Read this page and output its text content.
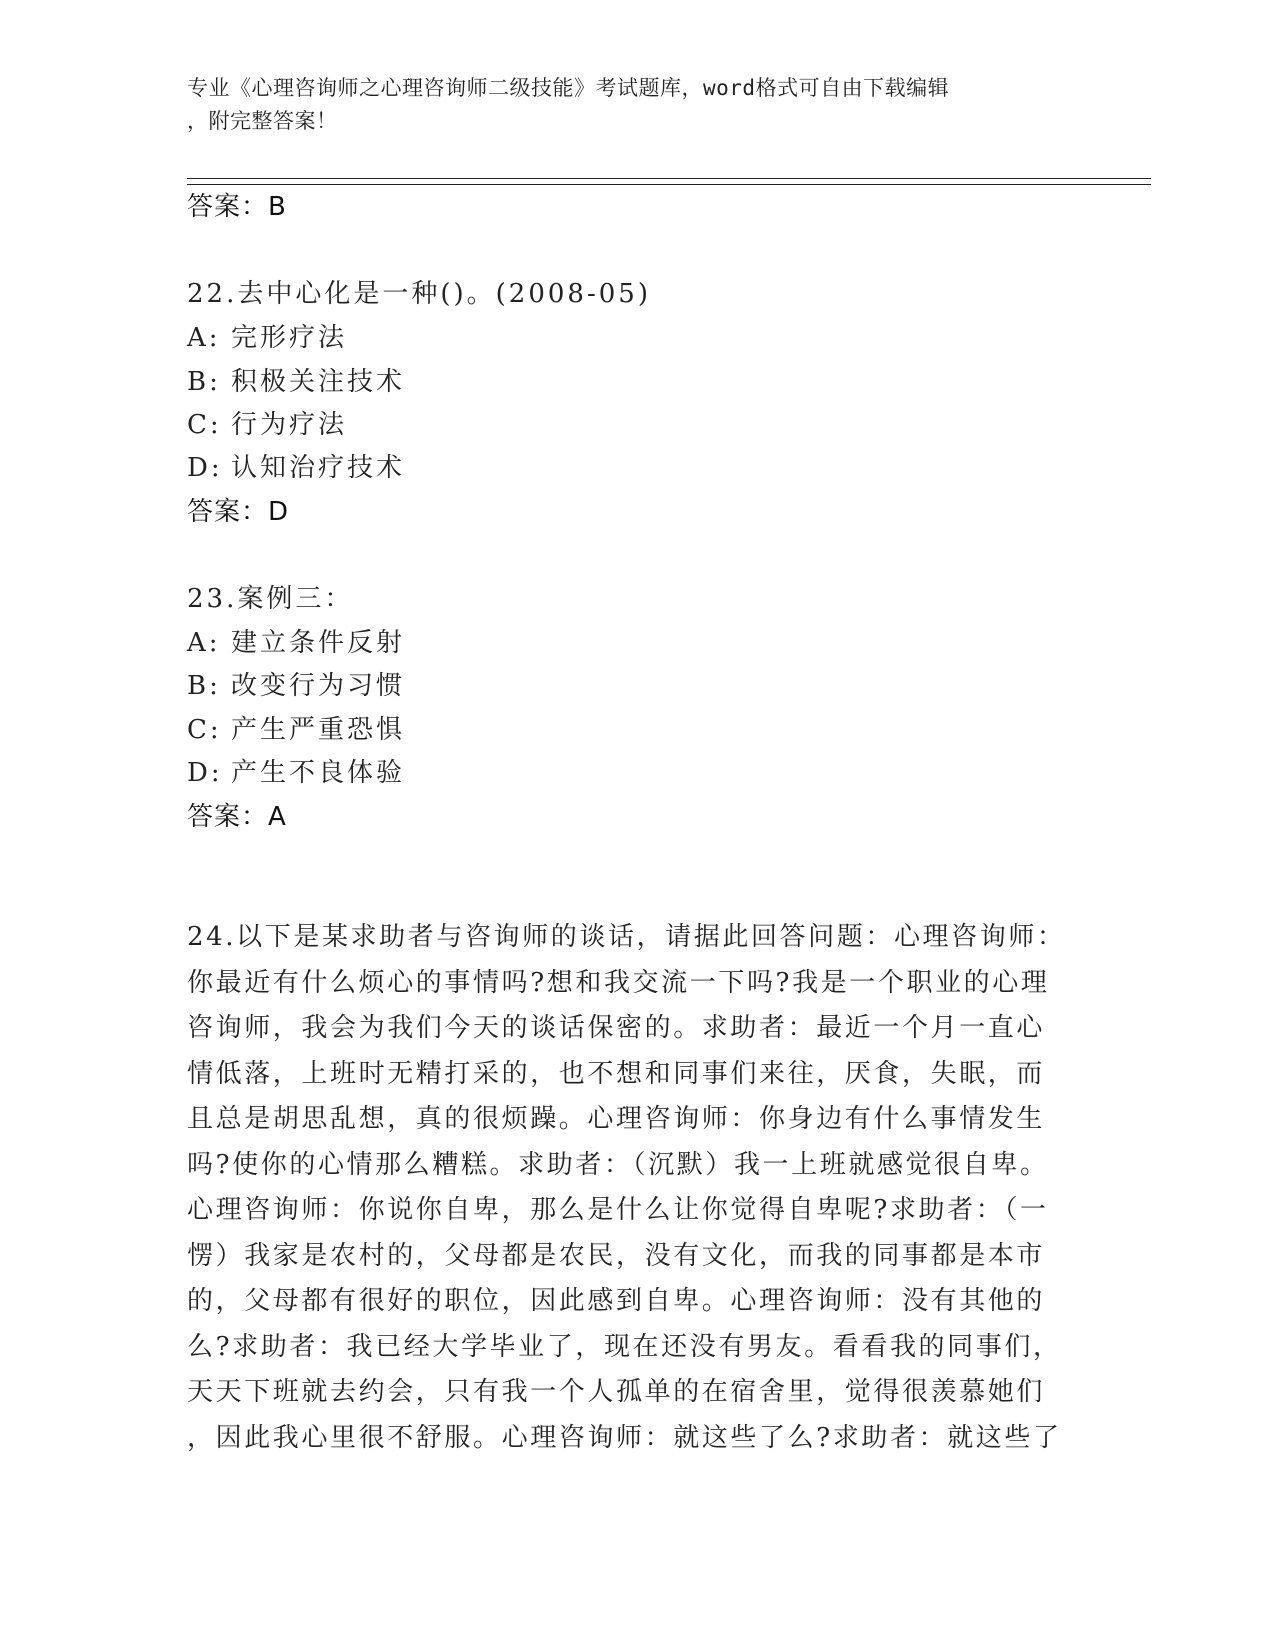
专业《心理咨询师之心理咨询师二级技能》考试题库，word格式可自由下载编辑
，附完整答案！
答案：B
22.去中心化是一种()。(2008-05)
A: 完形疗法
B: 积极关注技术
C: 行为疗法
D: 认知治疗技术
答案：D
23.案例三：
A: 建立条件反射
B: 改变行为习惯
C: 产生严重恐惧
D: 产生不良体验
答案：A
24.以下是某求助者与咨询师的谈话，请据此回答问题：心理咨询师：
你最近有什么烦心的事情吗?想和我交流一下吗?我是一个职业的心理
咨询师，我会为我们今天的谈话保密的。求助者：最近一个月一直心
情低落，上班时无精打采的，也不想和同事们来往，厌食，失眠，而
且总是胡思乱想，真的很烦躁。心理咨询师：你身边有什么事情发生
吗?使你的心情那么糟糕。求助者：（沉默）我一上班就感觉很自卑。
心理咨询师：你说你自卑，那么是什么让你觉得自卑呢?求助者：（一
愣）我家是农村的，父母都是农民，没有文化，而我的同事都是本市
的，父母都有很好的职位，因此感到自卑。心理咨询师：没有其他的
么?求助者：我已经大学毕业了，现在还没有男友。看看我的同事们，
天天下班就去约会，只有我一个人孤单的在宿舍里，觉得很羡慕她们
，因此我心里很不舒服。心理咨询师：就这些了么?求助者：就这些了
